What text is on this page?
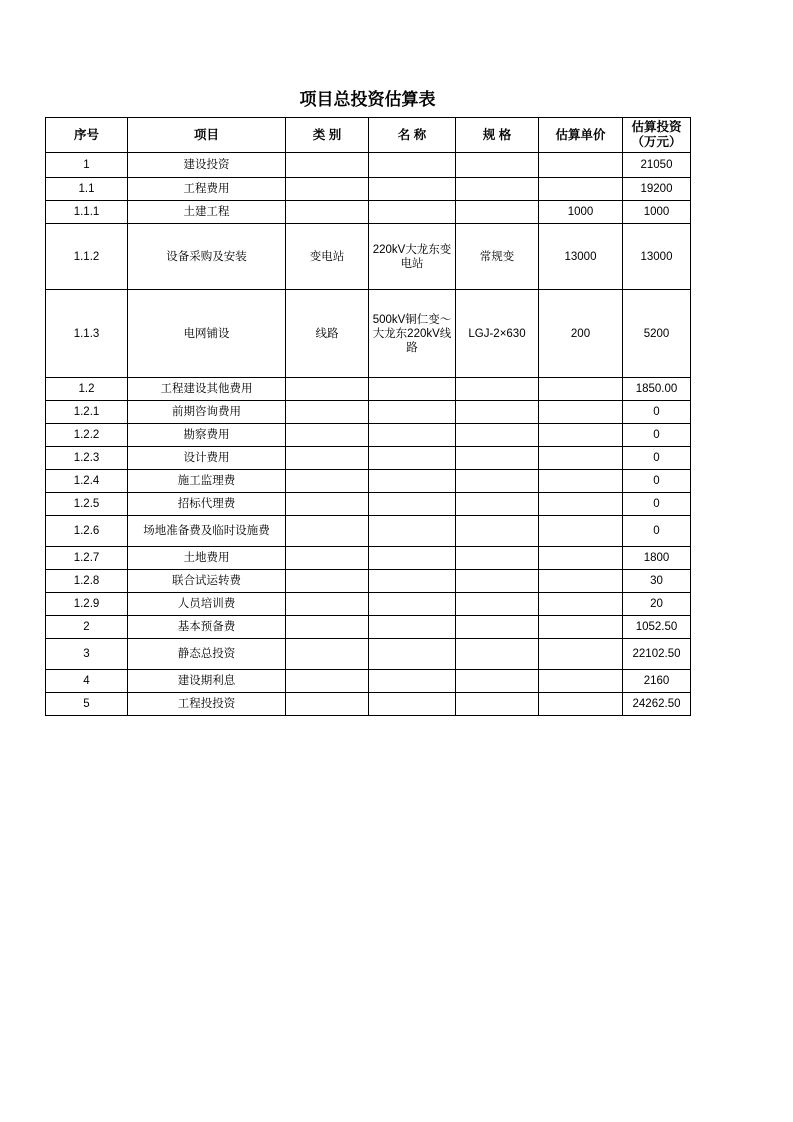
项目总投资估算表
序号	项目	类 别	名 称	规 格	估算单价	估算投资
（万元）
1	建设投资					21050
1.1	工程费用					19200
1.1.1	土建工程				1000	1000
1.1.2	设备采购及安装	变电站	220kV大龙东变电站	常规变	13000	13000
1.1.3	电网铺设	线路	500kV铜仁变～大龙东220kV线路	LGJ-2×630	200	5200
1.2	工程建设其他费用					1850.00
1.2.1	前期咨询费用					0
1.2.2	勘察费用					0
1.2.3	设计费用					0
1.2.4	施工监理费					0
1.2.5	招标代理费					0
1.2.6	场地准备费及临时设施费					0
1.2.7	土地费用					1800
1.2.8	联合试运转费					30
1.2.9	人员培训费					20
2	基本预备费					1052.50
3	静态总投资					22102.50
4	建设期利息					2160
5	工程投投资					24262.50
